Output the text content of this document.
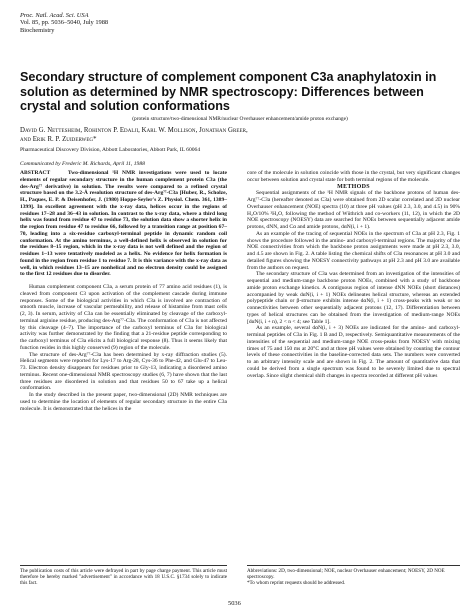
Proc. Natl. Acad. Sci. USA
Vol. 85, pp. 5036–5040, July 1988
Biochemistry
Secondary structure of complement component C3a anaphylatoxin in solution as determined by NMR spectroscopy: Differences between crystal and solution conformations
(protein structure/two-dimensional NMR/nuclear Overhauser enhancement/amide proton exchange)
David G. Nettesheim, Rohinton P. Edalji, Karl W. Mollison, Jonathan Greer,
and Erik R. P. Zuiderweg*
Pharmaceutical Discovery Division, Abbott Laboratories, Abbott Park, IL 60064
Communicated by Frederic M. Richards, April 11, 1988

ABSTRACT	Two-dimensional ¹H NMR investigations were used to locate elements of regular secondary structure in the human complement protein C3a (the des-Arg⁷⁷ derivative) in solution. The results were compared to a refined crystal structure based on the 3.2-Å resolution structure of des-Arg⁷⁷-C3a [Huber, R., Scholze, H., Paques, E. P. & Deisenhofer, J. (1980) Hoppe-Seyler's Z. Physiol. Chem. 361, 1389–1399]. In excellent agreement with the x-ray data, helices occur in the regions of residues 17–28 and 36–43 in solution. In contrast to the x-ray data, where a third long helix was found from residue 47 to residue 73, the solution data show a shorter helix in the region from residue 47 to residue 66, followed by a transition range at position 67–70, leading into a six-residue carboxyl-terminal peptide in dynamic random coil conformation. At the amino terminus, a well-defined helix is observed in solution for the residues 8–15 region, which in the x-ray data is not well defined and the region of residues 1–13 were tentatively modeled as a helix. No evidence for helix formation is found in the region from residue 1 to residue 7. It is this variance with the x-ray data as well, in which residues 13–15 are nonhelical and no electron density could be assigned to the first 12 residues due to disorder.

Human complement component C3a, a serum protein of 77 amino acid residues (1), is cleaved from component C3 upon activation of the complement cascade during immune responses. Some of the biological activities in which C3a is involved are contraction of smooth muscle, increase of vascular permeability, and release of histamine from mast cells (2, 3). In serum, activity of C3a can be essentially eliminated by cleavage of the carboxyl-terminal arginine residue, producing des-Arg⁷⁷-C3a. The conformation of C3a is not affected by this cleavage (4–7). The importance of the carboxyl terminus of C3a for biological activity was further demonstrated by the finding that a 21-residue peptide corresponding to the carboxyl terminus of C3a elicits a full biological response (8). Thus it seems likely that function resides in this highly conserved (9) region of the molecule.

The structure of des-Arg⁷⁷-C3a has been determined by x-ray diffraction studies (5). Helical segments were reported for Lys-17 to Arg-28, Cys-36 to Phe-42, and Glu-47 to Leu-73. Electron density disappears for residues prior to Gly-13, indicating a disordered amino terminus. Recent one-dimensional NMR spectroscopy studies (6, 7) have shown that the last three residues are disordered in solution and that residues 50 to 67 take up a helical conformation.

In the study described in the present paper, two-dimensional (2D) NMR techniques are used to determine the location of elements of regular secondary structure in the entire C3a molecule. It is demonstrated that the helices in the

core of the molecule in solution coincide with those in the crystal, but very significant changes occur between solution and crystal state for both terminal regions of the molecule.

METHODS

Sequential assignments of the ¹H NMR signals of the backbone protons of human des-Arg⁷⁷-C3a (hereafter denoted as C3a) were obtained from 2D scalar correlated and 2D nuclear Overhauser enhancement (NOE) spectra (10) at three pH values (pH 2.3, 3.0, and 4.5) in 90% H₂O/10% ²H₂O, following the method of Wüthrich and co-workers (11, 12), in which the 2D NOE spectroscopy (NOESY) data are searched for NOEs between sequentially adjacent amide protons, dNN, and Cα and amide protons, dαN(i, i + 1).

As an example of the tracing of sequential NOEs in the spectrum of C3a at pH 2.3, Fig. 1 shows the procedure followed in the amino- and carboxyl-terminal regions. The majority of the NOE connectivities from which the backbone proton assignments were made at pH 2.3, 3.0, and 4.5 are shown in Fig. 2. A table listing the chemical shifts of C3a resonances at pH 3.0 and detailed figures showing the NOESY connectivity pathways at pH 2.3 and pH 3.0 are available from the authors on request.

The secondary structure of C3a was determined from an investigation of the intensities of sequential and medium-range backbone proton NOEs, combined with a study of backbone amide proton exchange kinetics. A contiguous region of intense dNN NOEs (short distances) accompanied by weak dαN(i, i + 1) NOEs delineates helical structure, whereas an extended polypeptide chain or β-structure exhibits intense dαN(i, i + 1) cross-peaks with weak or no connectivities between other sequentially adjacent protons (12, 17). Differentiation between types of helical structures can be obtained from the investigation of medium-range NOEs [dαN(i, i + n), 2 < n < 4; see Table 1].

As an example, several dαN(i, i + 3) NOEs are indicated for the amino- and carboxyl-terminal peptides of C3a in Fig. 1 B and D, respectively. Semiquantitative measurements of the intensities of the sequential and medium-range NOE cross-peaks from NOESY with mixing times of 75 and 150 ms at 20°C and at three pH values were obtained by counting the contour levels of these connectivities in the baseline-corrected data sets. The numbers were converted to an arbitrary intensity scale and are shown in Fig. 2. The amount of quantitative data that could be derived from a single spectrum was found to be severely limited due to spectral overlap. Since slight chemical shift changes in spectra recorded at different pH values

The publication costs of this article were defrayed in part by page charge payment. This article must therefore be hereby marked "advertisement" in accordance with 18 U.S.C. §1734 solely to indicate this fact.
Abbreviations: 2D, two-dimensional; NOE, nuclear Overhauser enhancement; NOESY, 2D NOE spectroscopy.
*To whom reprint requests should be addressed.
5036
